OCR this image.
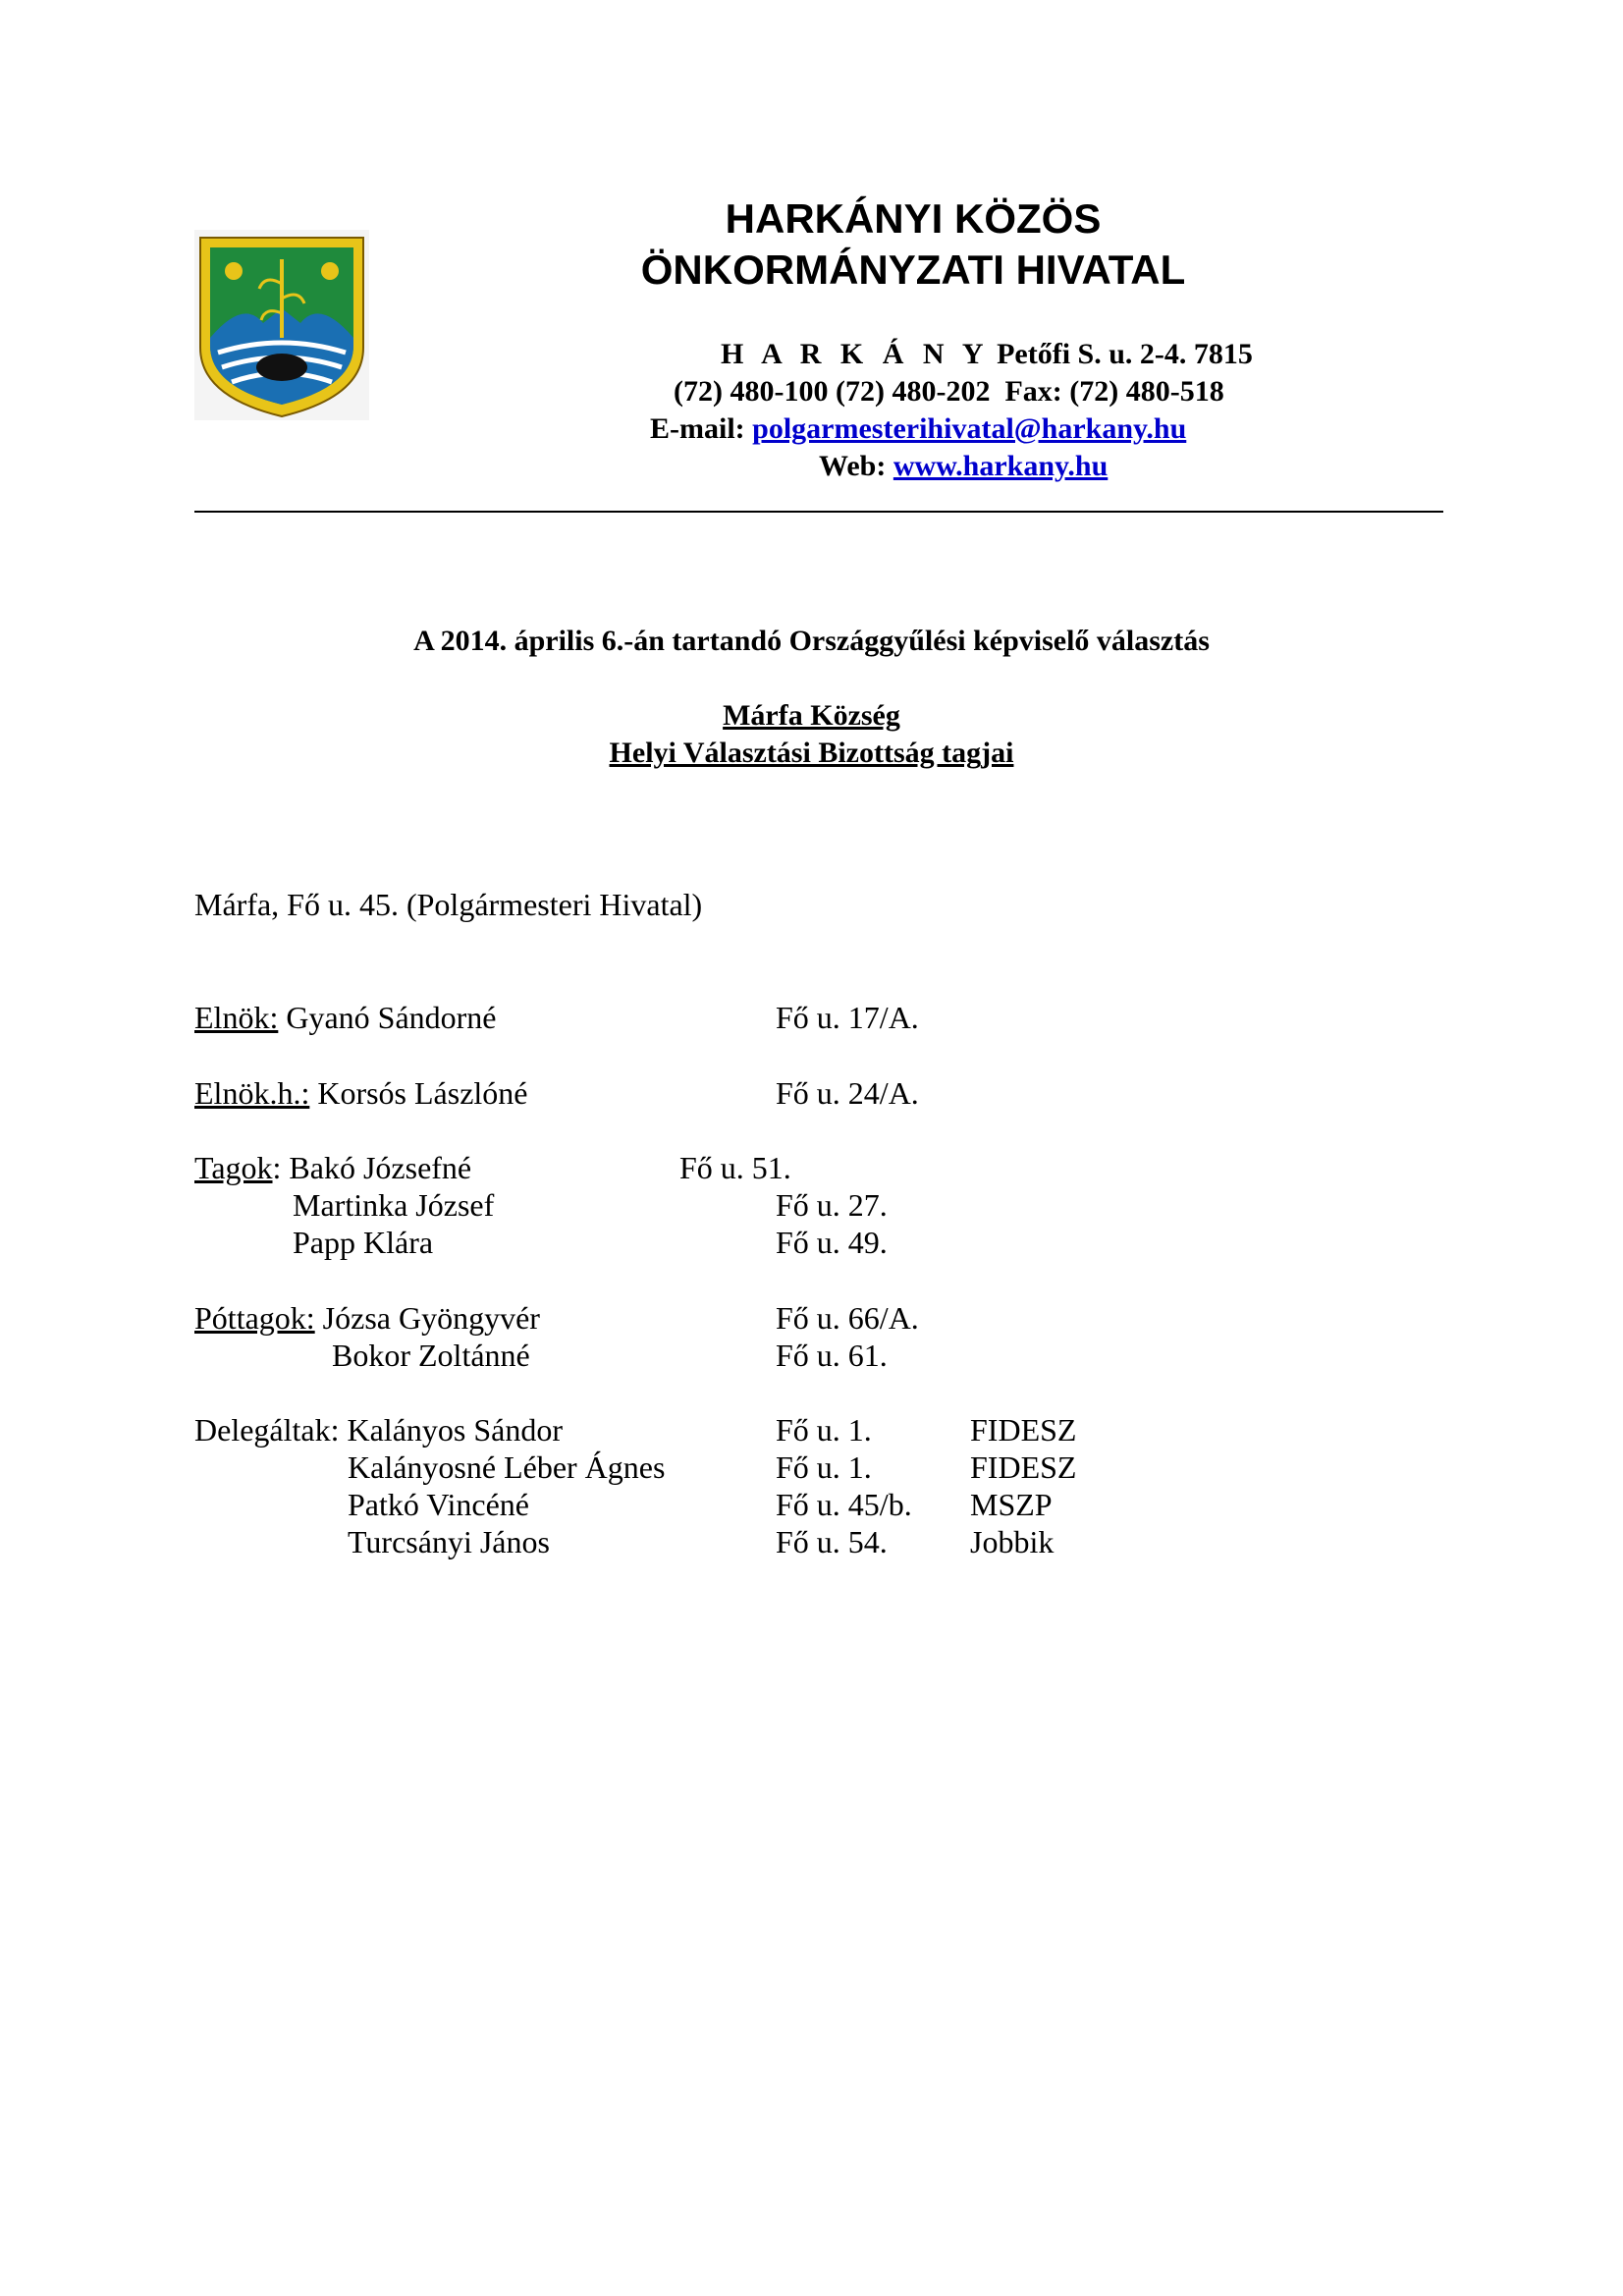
HARKÁNYI KÖZÖS
ÖNKORMÁNYZATI HIVATAL
H A R K Á N Y Petőfi S. u. 2-4. 7815
(72) 480-100 (72) 480-202 Fax: (72) 480-518
E-mail: polgarmesterihivatal@harkany.hu
Web: www.harkany.hu
A 2014. április 6.-án tartandó Országgyűlési képviselő választás
Márfa Község
Helyi Választási Bizottság tagjai
Márfa, Fő u. 45. (Polgármesteri Hivatal)
Elnök: Gyanó Sándorné	Fő u. 17/A.
Elnök.h.: Korsós Lászlóné	Fő u. 24/A.
Tagok: Bakó Józsefné	Fő u. 51.
Martinka József	Fő u. 27.
Papp Klára	Fő u. 49.
Póttagok: Józsa Gyöngyvér	Fő u. 66/A.
Bokor Zoltánné	Fő u. 61.
Delegáltak: Kalányos Sándor	Fő u. 1.	FIDESZ
Kalányosné Léber Ágnes	Fő u. 1.	FIDESZ
Patkó Vincéné	Fő u. 45/b. MSZP
Turcsányi János	Fő u. 54.	Jobbik
